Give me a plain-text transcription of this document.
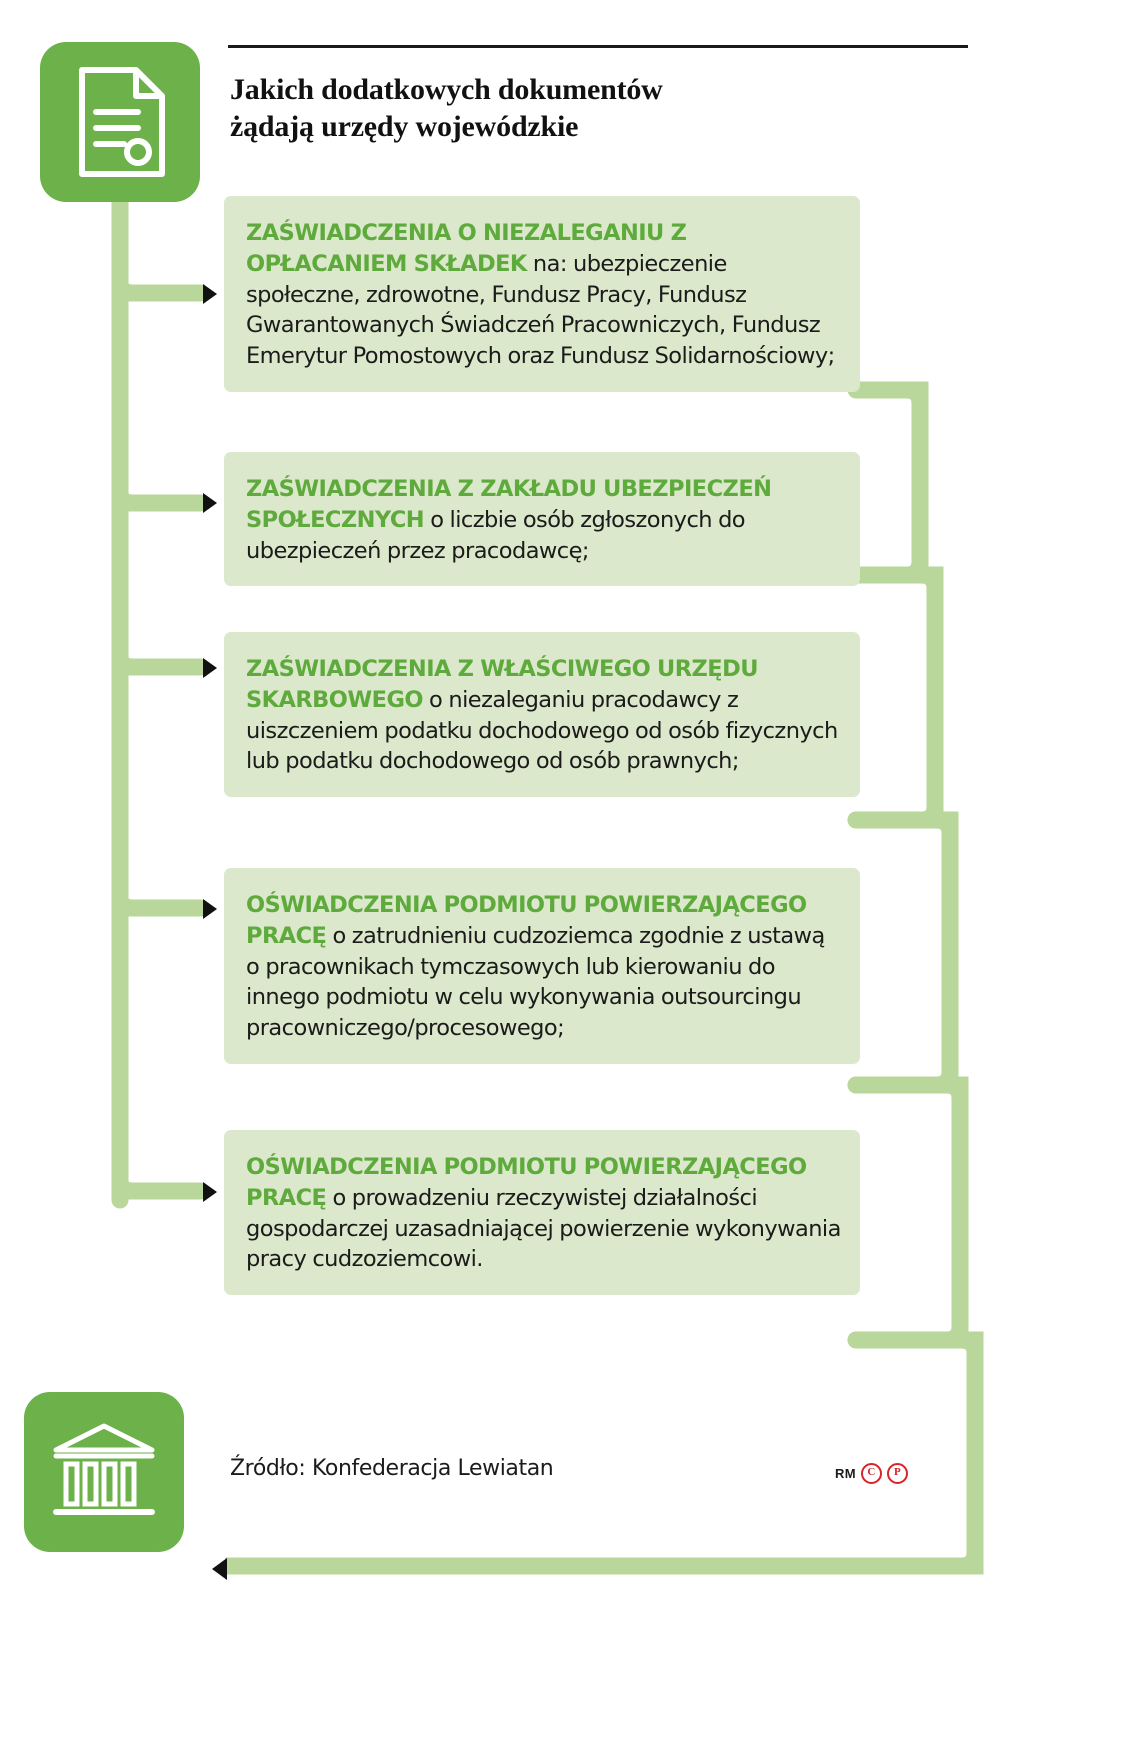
Jakich dodatkowych dokumentów
żądają urzędy wojewódzkie

ZAŚWIADCZENIA O NIEZALEGANIU Z OPŁACANIEM SKŁADEK na: ubezpieczenie społeczne, zdrowotne, Fundusz Pracy, Fundusz Gwarantowanych Świadczeń Pracowniczych, Fundusz Emerytur Pomostowych oraz Fundusz Solidarnościowy;

ZAŚWIADCZENIA Z ZAKŁADU UBEZPIECZEŃ SPOŁECZNYCH o liczbie osób zgłoszonych do ubezpieczeń przez pracodawcę;

ZAŚWIADCZENIA Z WŁAŚCIWEGO URZĘDU SKARBOWEGO o niezaleganiu pracodawcy z uiszczeniem podatku dochodowego od osób fizycznych lub podatku dochodowego od osób prawnych;

OŚWIADCZENIA PODMIOTU POWIERZAJĄCEGO PRACĘ o zatrudnieniu cudzoziemca zgodnie z ustawą o pracownikach tymczasowych lub kierowaniu do innego podmiotu w celu wykonywania outsourcingu pracowniczego/procesowego;

OŚWIADCZENIA PODMIOTU POWIERZAJĄCEGO PRACĘ o prowadzeniu rzeczywistej działalności gospodarczej uzasadniającej powierzenie wykonywania pracy cudzoziemcowi.

Źródło: Konfederacja Lewiatan	RM	C	P
